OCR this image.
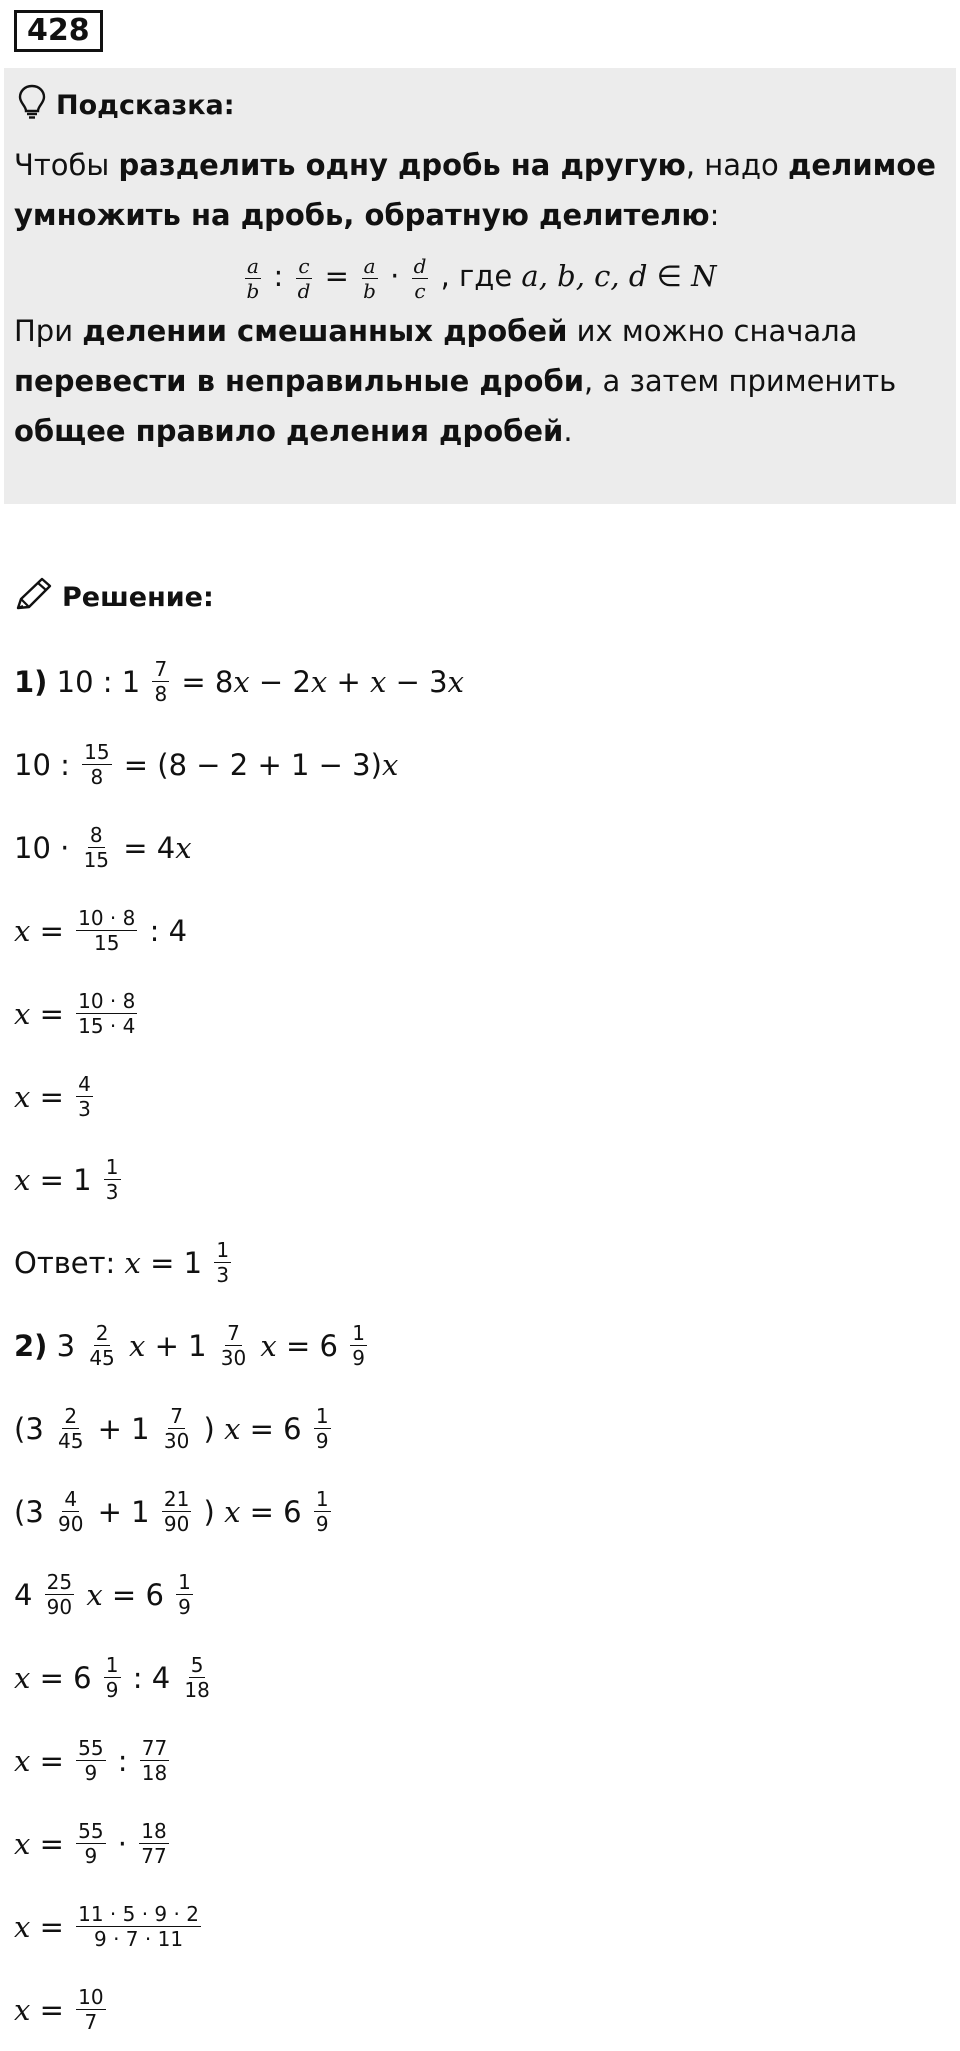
428
Подсказка:
Чтобы разделить одну дробь на другую, надо делимое умножить на дробь, обратную делителю:
$\frac{a}{b}$ : $\frac{c}{d} = \frac{a}{b} \cdot \frac{d}{c}$ , где a, b, c, d ∈ N
При делении смешанных дробей их можно сначала перевести в неправильные дроби, а затем применить общее правило деления дробей.
Решение:
1) 10 : $1 \frac{7}{8} = 8$ x − 2 x + x − 3 x
10 : $\frac{15}{8} = (8 - 2 + 1 - 3)$ x
$10 \cdot \frac{8}{15} = 4$ x
$x = \frac{10 \cdot 8}{15}$ : 4
$x = \frac{10 \cdot 8}{15 \cdot 4}$
$x = \frac{4}{3}$
$x = 1 \frac{1}{3}$
Ответ: $x = 1 \frac{1}{3}$
2) $3 \frac{2}{45}$ $x + 1 \frac{7}{30}$ $x = 6 \frac{1}{9}$
($3 \frac{2}{45} + 1 \frac{7}{30}$ ) $x = 6 \frac{1}{9}$
($3 \frac{4}{90} + 1 \frac{21}{90}$ ) $x = 6 \frac{1}{9}$
$4 \frac{25}{90}$ $x = 6 \frac{1}{9}$
$x = 6 \frac{1}{9}$ : $4 \frac{5}{18}$
$x = \frac{55}{9}$ : $\frac{77}{18}$
$x = \frac{55}{9} \cdot \frac{18}{77}$
$x = \frac{11 \cdot 5 \cdot 9 \cdot 2}{9 \cdot 7 \cdot 11}$
$x = \frac{10}{7}$
